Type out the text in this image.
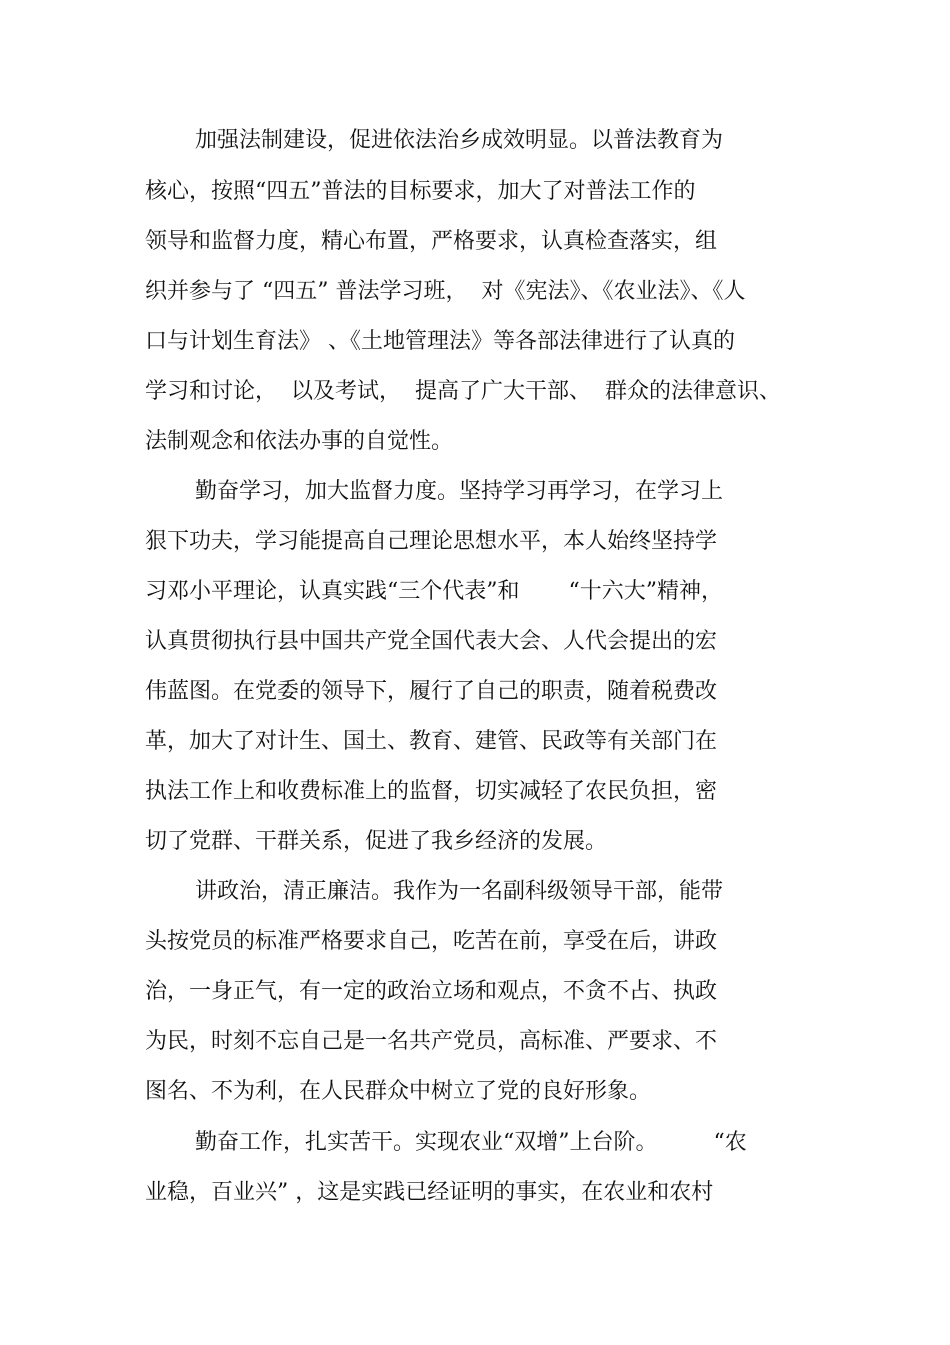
加强法制建设，促进依法治乡成效明显。以普法教育为

核心，按照“四五”普法的目标要求，加大了对普法工作的

领导和监督力度，精心布置，严格要求，认真检查落实，组

织并参与了 “四五” 普法学习班，  对《宪法》、《农业法》、《人

口与计划生育法》 、《土地管理法》等各部法律进行了认真的

学习和讨论，  以及考试，  提高了广大干部、  群众的法律意识、

法制观念和依法办事的自觉性。

勤奋学习，加大监督力度。坚持学习再学习，在学习上

狠下功夫，学习能提高自己理论思想水平，本人始终坚持学

习邓小平理论，认真实践“三个代表”和       “十六大”精神，

认真贯彻执行县中国共产党全国代表大会、人代会提出的宏

伟蓝图。在党委的领导下，履行了自己的职责，随着税费改

革，加大了对计生、国土、教育、建管、民政等有关部门在

执法工作上和收费标准上的监督，切实减轻了农民负担，密

切了党群、干群关系，促进了我乡经济的发展。

讲政治，清正廉洁。我作为一名副科级领导干部，能带

头按党员的标准严格要求自己，吃苦在前，享受在后，讲政

治，一身正气，有一定的政治立场和观点，不贪不占、执政

为民，时刻不忘自己是一名共产党员，高标准、严要求、不

图名、不为利，在人民群众中树立了党的良好形象。

勤奋工作，扎实苦干。实现农业“双增”上台阶。        “农

业稳，百业兴” ，这是实践已经证明的事实，在农业和农村
